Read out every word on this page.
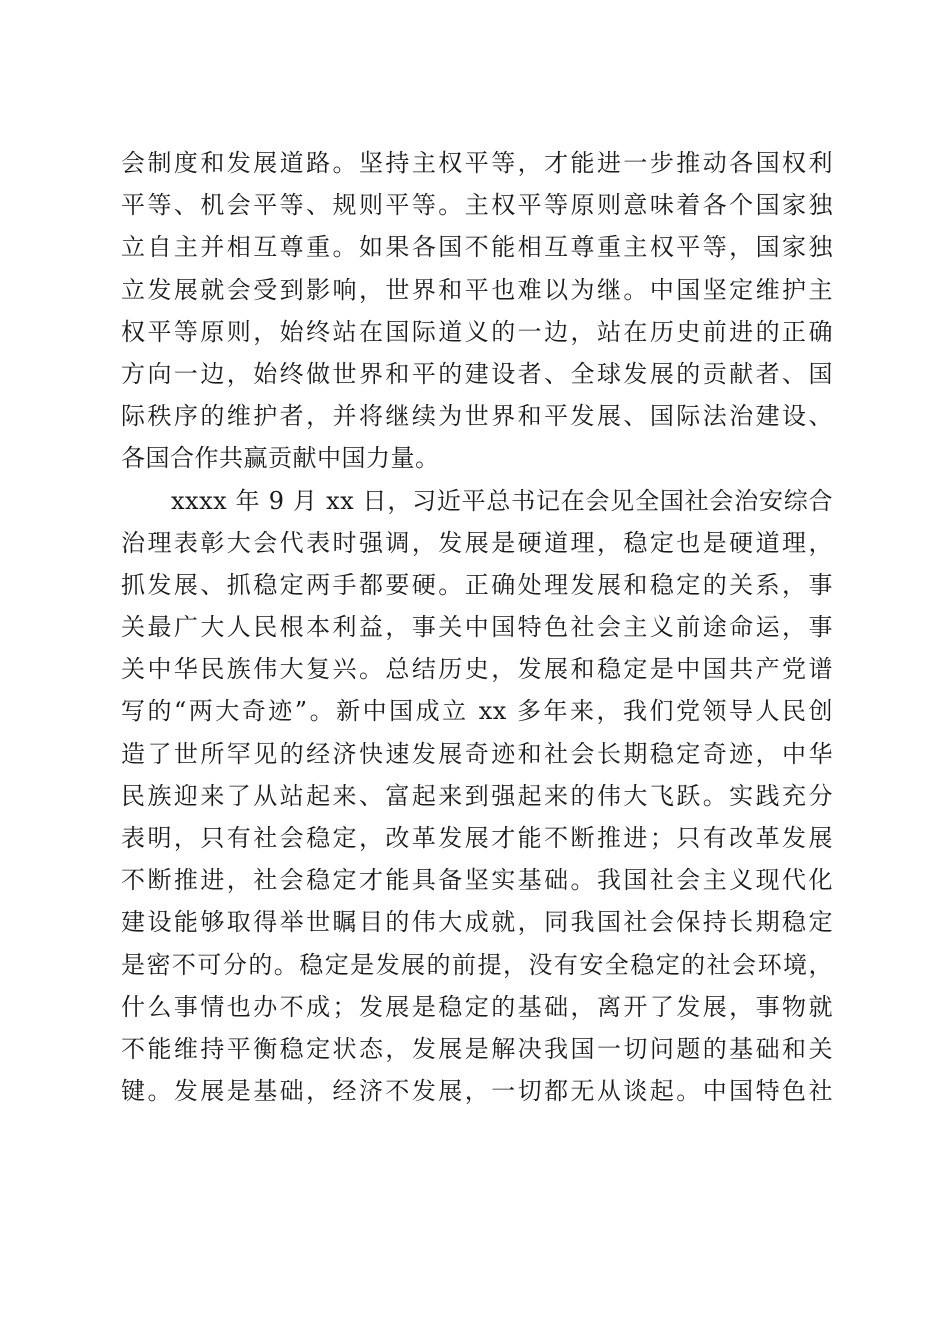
会制度和发展道路。坚持主权平等，才能进一步推动各国权利
平等、机会平等、规则平等。主权平等原则意味着各个国家独
立自主并相互尊重。如果各国不能相互尊重主权平等，国家独
立发展就会受到影响，世界和平也难以为继。中国坚定维护主
权平等原则，始终站在国际道义的一边，站在历史前进的正确
方向一边，始终做世界和平的建设者、全球发展的贡献者、国
际秩序的维护者，并将继续为世界和平发展、国际法治建设、
各国合作共赢贡献中国力量。
xxxx 年 9 月 xx 日，习近平总书记在会见全国社会治安综合
治理表彰大会代表时强调，发展是硬道理，稳定也是硬道理，
抓发展、抓稳定两手都要硬。正确处理发展和稳定的关系，事
关最广大人民根本利益，事关中国特色社会主义前途命运，事
关中华民族伟大复兴。总结历史，发展和稳定是中国共产党谱
写的“两大奇迹”。新中国成立 xx 多年来，我们党领导人民创
造了世所罕见的经济快速发展奇迹和社会长期稳定奇迹，中华
民族迎来了从站起来、富起来到强起来的伟大飞跃。实践充分
表明，只有社会稳定，改革发展才能不断推进；只有改革发展
不断推进，社会稳定才能具备坚实基础。我国社会主义现代化
建设能够取得举世瞩目的伟大成就，同我国社会保持长期稳定
是密不可分的。稳定是发展的前提，没有安全稳定的社会环境，
什么事情也办不成；发展是稳定的基础，离开了发展，事物就
不能维持平衡稳定状态，发展是解决我国一切问题的基础和关
键。发展是基础，经济不发展，一切都无从谈起。中国特色社
